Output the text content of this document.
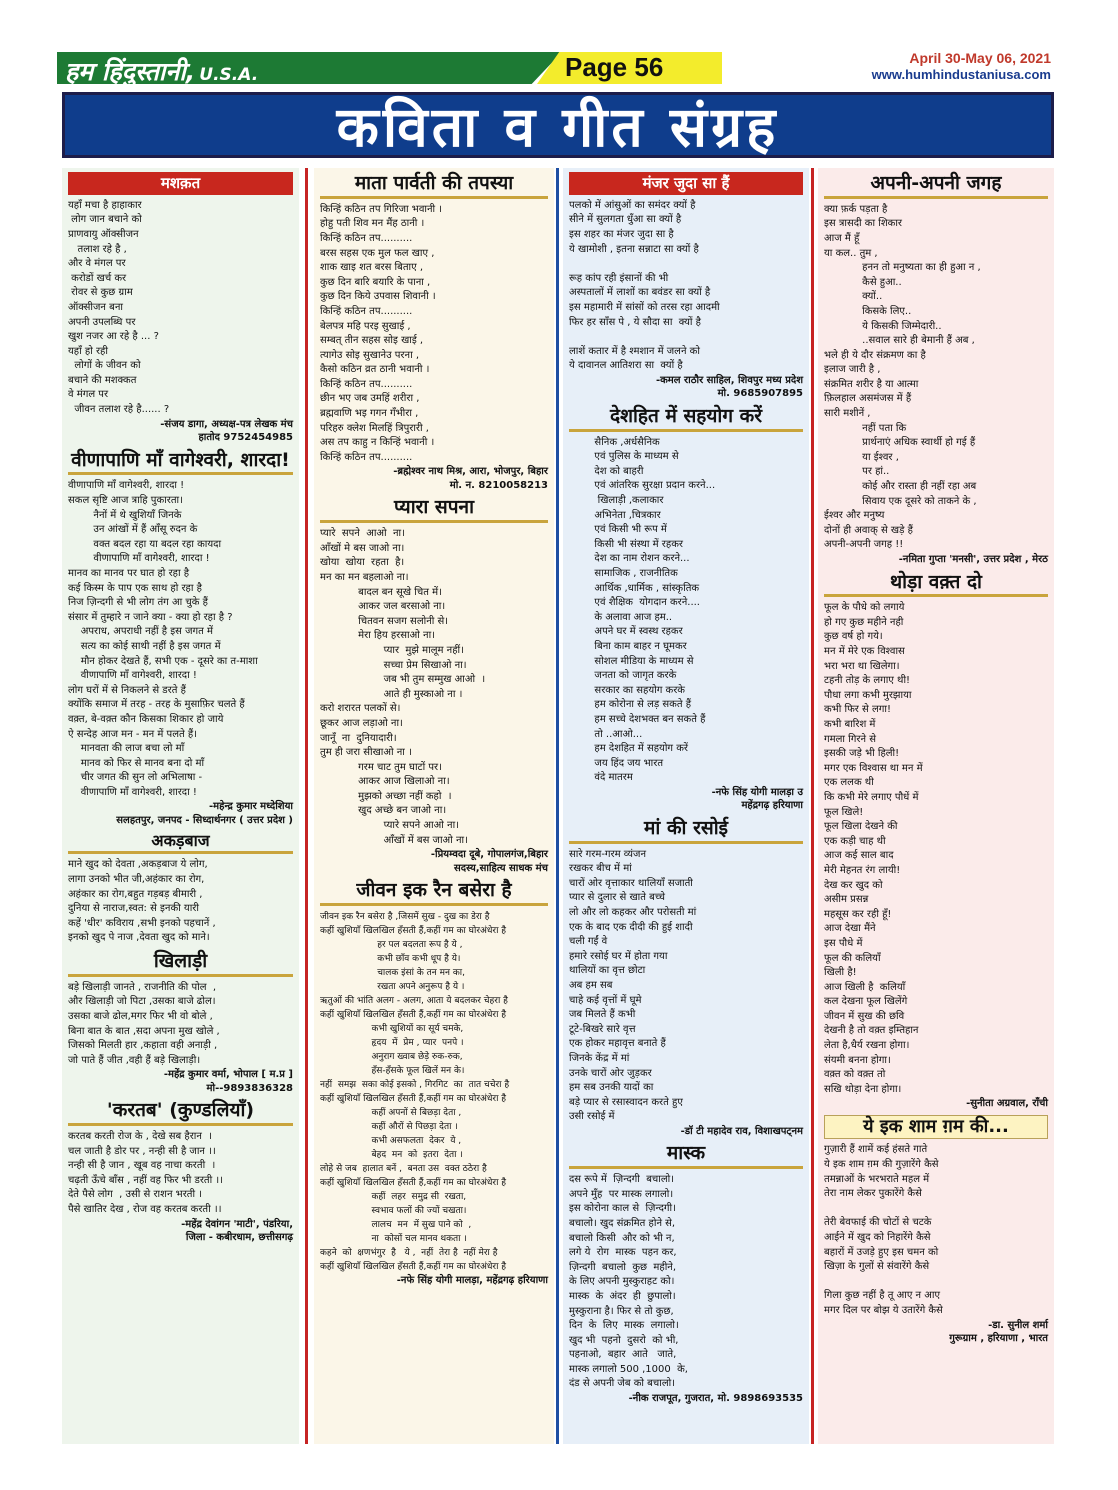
हम हिंदुस्तानी, U.S.A.	Page 56	April 30-May 06, 2021
www.humhindustaniusa.com
कविता व गीत संग्रह
मशक़त
यहाँ मचा है हाहाकार
लोग जान बचाने को
प्राणवायु ऑक्सीजन
तलाश रहे है ,
और वे मंगल पर
करोडों खर्च कर
रोवर से कुछ ग्राम
ऑक्सीजन बना
अपनी उपलब्धि पर
खुश नजर आ रहे है ... ?
यहाँ हो रही
लोगों के जीवन को
बचाने की मशक्कत
वे मंगल पर
जीवन तलाश रहे है...... ?
-संजय डागा, अध्यक्ष-पत्र लेखक मंच
हातोद 9752454985
वीणापाणि माँ वागेश्वरी, शारदा!
वीणापाणि माँ वागेश्वरी, शारदा !
सकल सृष्टि आज त्राहि पुकारता।
नैनों में थे खुशियाँ जिनके
उन आंखों में हैं आँसू रुदन के
वक्त बदल रहा या बदल रहा कायदा
वीणापाणि माँ वागेश्वरी, शारदा !
मानव का मानव पर घात हो रहा है
कई किस्म के पाप एक साथ हो रहा है
निज ज़िन्दगी से भी लोग तंग आ चुके हैं
संसार में तुम्हारे न जाने क्या - क्या हो रहा है ?
अपराध, अपराधी नहीं है इस जगत में
सत्य का कोई साथी नहीं है इस जगत में
मौन होकर देखते हैं, सभी एक - दूसरे का त-माशा
वीणापाणि माँ वागेश्वरी, शारदा !
लोग घरों में से निकलने से डरते हैं
क्योंकि समाज में तरह - तरह के मुसाफ़िर चलते हैं
वक़्त, बे-वक़्त कौन किसका शिकार हो जाये
ऐ सन्देह आज मन - मन में पलते हैं।
मानवता की लाज बचा लो माँ
मानव को फिर से मानव बना दो माँ
चीर जगत की सुन लो अभिलाषा -
वीणापाणि माँ वागेश्वरी, शारदा !
-महेन्द्र कुमार मध्देशिया
सलहतपुर, जनपद - सिध्दार्थनगर ( उत्तर प्रदेश )
अकड़बाज
माने खुद को देवता ,अकड़बाज ये लोग,
लागा उनको भीत जी,अहंकार का रोग,
अहंकार का रोग,बहुत गड़बड़ बीमारी ,
दुनिया से नाराज,स्वत: से इनकी यारी
कहें 'धीर' कविराय ,सभी इनको पहचानें ,
इनको खुद पे नाज ,देवता खुद को माने।
खिलाड़ी
बड़े खिलाड़ी जानते , राजनीति की पोल  ,
और खिलाड़ी जो पिटा ,उसका बाजे ढोल।
उसका बाजे ढोल,मगर फिर भी वो बोले ,
बिना बात के बात ,सदा अपना मुख खोले ,
जिसको मिलती हार ,कहाता वही अनाड़ी ,
जो पाते हैं जीत ,वही हैं बड़े खिलाड़ी।
-महेंद्र कुमार वर्मा, भोपाल [ म.प्र ]
मो--9893836328
'करतब' (कुण्डलियाँ)
करतब करती रोज के , देखे सब हैरान  ।
चल जाती है डोर पर , नन्ही सी है जान ।।
नन्ही सी है जान , खूब वह नाचा करती  ।
चढ़ती ऊँचे बाँस , नहीं वह फिर भी डरती ।।
देते पैसे लोग  , उसी से राशन भरती ।
पैसे खातिर देख , रोज वह करतब करती ।।
-महेंद्र देवांगन 'माटी', पंडरिया,
जिला - कबीरधाम, छत्तीसगढ़
माता पार्वती की तपस्या
किन्हिं कठिन तप गिरिजा भवानी ।
होहु पती शिव मन मैंह ठानी ।
किन्हिं कठिन तप..........
बरस सहस एक मुल फल खाए ,
शाक खाइ शत बरस बिताए ,
कुछ दिन बारि बयारि के पाना ,
कुछ दिन किये उपवास शिवानी ।
किन्हिं कठिन तप..........
बेलपत्र महि परइ सुखाई ,
सम्बत् तीन सहस सोइ खाई ,
त्यागेउ सोइ सुखानेउ परना ,
कैसो कठिन व्रत ठानी भवानी ।
किन्हिं कठिन तप..........
छीन भए जब उमहिं शरीरा ,
ब्रह्मवाणि भइ गगन गँभीरा ,
परिहरु क्लेश मिलहिं त्रिपुरारी ,
अस तप काहु न किन्हिं भवानी ।
किन्हिं कठिन तप..........
-ब्रह्मेश्वर नाथ मिश्र, आरा, भोजपुर, बिहार
मो. न. 8210058213
प्यारा सपना
प्यारे  सपने  आओ  ना।
आँखों मे बस जाओ ना।
खोया  खोया  रहता  है।
मन का मन बहलाओ ना।
बादल बन सूखे चित में।
आकर जल बरसाओ ना।
चितवन सजग सलोनी से।
मेरा हिय हरसाओ ना।
प्यार  मुझे मालूम नहीं।
सच्चा प्रेम सिखाओ ना।
जब भी तुम सम्मुख आओ  ।
आते ही मुस्काओ ना ।
करो शरारत पलकों से।
छूकर आज लड़ाओ ना।
जानूँ  ना  दुनियादारी।
तुम ही जरा सीखाओ ना ।
गरम चाट तुम घाटों पर।
आकर आज खिलाओ ना।
मुझको अच्छा नहीं कहो  ।
खुद अच्छे बन जाओ ना।
प्यारे सपने आओ ना।
आँखों में बस जाओ ना।
-प्रियम्वदा दूबे, गोपालगंज,बिहार
सदस्य,साहित्य साधक मंच
जीवन इक रैन बसेरा है
जीवन इक रैन बसेरा है ,जिसमें सुख - दुख का डेरा है
कहीं खुशियाँ खिलखिल हँसती हैं,कहीं गम का घोरअंधेरा है
हर पल बदलता रूप है ये ,
कभी छाँव कभी धूप है ये।
चालक इंसां के तन मन का,
रखता अपने अनुरूप है ये ।
ऋतुओं की भांति अलग - अलग, आता ये बदलकर चेहरा है
कहीं खुशियाँ खिलखिल हँसती हैं,कहीं गम का घोरअंधेरा है
कभी खुशियों का सूर्य चमके,
हृदय  में  प्रेम , प्यार  पनपे ।
अनुराग ख्वाब छेड़े रुक-रुक,
हँस-हँसके फूल खिलें मन के।
नहीं  समझ  सका कोई इसको , गिरगिट  का  तात चचेरा है
कहीं खुशियाँ खिलखिल हँसती हैं,कहीं गम का घोरअंधेरा है
कहीं अपनों से बिछड़ा देता ,
कहीं औरों से पिछड़ा देता ।
कभी असफलता  देकर  ये ,
बेहद  मन  को  इतरा  देता ।
लोहे से जब  हालात बनें ,  बनता उस  वक्त ठठेरा है
कहीं खुशियाँ खिलखिल हँसती हैं,कहीं गम का घोरअंधेरा है
कहीं  लहर  समुद्र सी  रखता,
स्वभाव फलों की ज्यों चखता।
लालच  मन  में सुख पाने को  ,
ना  कोसों चल मानव थकता ।
कहने  को  क्षणभंगुर  है   ये ,  नहीं  तेरा है  नहीं मेरा है
कहीं खुशियाँ खिलखिल हँसती हैं,कहीं गम का घोरअंधेरा है
-नफे सिंह योगी मालड़ा, महेंद्रगढ़ हरियाणा
मंजर जुदा सा हैं
पलको में आंसुओं का समंदर क्यों है
सीने में सुलगता धुँआ सा क्यों है
इस शहर का मंजर जुदा सा है
ये खामोशी , इतना सन्नाटा सा क्यों है

रूह कांप रही इंसानों की भी
अस्पतालों में लाशों का बवंडर सा क्यों है
इस महामारी में सांसों को तरस रहा आदमी
फिर हर साँस पे , ये सौदा सा  क्यों है

लाशें कतार में है श्मशान में जलने को
ये दावानल आतिशरा सा  क्यों है
-कमल राठौर साहिल, शिवपुर मध्य प्रदेश
मो. 9685907895
देशहित में सहयोग करें
सैनिक ,अर्धसैनिक
एवं पुलिस के माध्यम से
देश को बाहरी
एवं आंतरिक सुरक्षा प्रदान करने...
खिलाड़ी ,कलाकार
अभिनेता ,चित्रकार
एवं किसी भी रूप में
किसी भी संस्था में रहकर
देश का नाम रोशन करने...
सामाजिक , राजनीतिक
आर्थिक ,धार्मिक , सांस्कृतिक
एवं शैक्षिक  योगदान करने....
के अलावा आज हम..
अपने घर में स्वस्थ रहकर
बिना काम बाहर न घूमकर
सोशल मीडिया के माध्यम से
जनता को जागृत करके
सरकार का सहयोग करके
हम कोरोना से लड़ सकते हैं
हम सच्चे देशभक्त बन सकते हैं
तो ..आओ...
हम देशहित में सहयोग करें
जय हिंद जय भारत
वंदे मातरम
-नफे सिंह योगी मालड़ा उ
महेंद्रगढ़ हरियाणा
मां की रसोई
सारे गरम-गरम व्यंजन
रखकर बीच में मां
चारों ओर वृत्ताकार थालियाँ सजाती
प्यार से दुलार से खाते बच्चे
लो और लो कहकर और परोसती मां
एक के बाद एक दीदी की हुई शादी
चली गईं वे
हमारे रसोई घर में होता गया
थालियों का वृत्त छोटा
अब हम सब
चाहे कई वृत्तों में घूमे
जब मिलते हैं कभी
टूटे-बिखरे सारे वृत्त
एक होकर महावृत्त बनाते हैं
जिनके केंद्र में मां
उनके चारों ओर जुड़कर
हम सब उनकी यादों का
बड़े प्यार से रसास्वादन करते हुए
उसी रसोई में
-डॉ टी महादेव राव, विशाखपट्नम
मास्क
दस रूपे में  ज़िन्दगी  बचालो।
अपने मुँह  पर मास्क लगालो।
इस कोरोना काल से  ज़िन्दगी।
बचालो। खुद संक्रमित होने से,
बचालो किसी  और को भी न,
लगे ये  रोग  मास्क  पहन कर,
ज़िन्दगी  बचालो  कुछ  महीने,
के लिए अपनी मुस्कुराहट को।
मास्क  के  अंदर  ही  छुपालो।
मुस्कुराना है। फिर से तो कुछ,
दिन  के  लिए  मास्क  लगालो।
खुद भी  पहनो  दुसरो  को भी,
पहनाओ,  बहार  आते   जाते,
मास्क लगालो 500 ,1000  के,
दंड से अपनी जेब को बचालो।
-नीक राजपूत, गुजरात, मो. 9898693535
अपनी-अपनी जगह
क्या फ़र्क पड़ता है
इस त्रासदी का शिकार
आज मैं हूँ
या कल.. तुम ,
हनन तो मनुष्यता का ही हुआ न ,
कैसे हुआ..
क्यों..
किसके लिए..
ये किसकी जिम्मेदारी..
..सवाल सारे ही बेमानी हैं अब ,
भले ही ये दौर संक्रमण का है
इलाज जारी है ,
संक्रमित शरीर है या आत्मा
फ़िलहाल असमंजस में हैं
सारी मशीनें ,
नहीं पता कि
प्रार्थनाएं अधिक स्वार्थी हो गई हैं
या ईश्वर ,
पर हां..
कोई और रास्ता ही नहीं रहा अब
सिवाय एक दूसरे को ताकने के ,
ईश्वर और मनुष्य
दोनों ही अवाक् से खड़े हैं
अपनी-अपनी जगह !!
-नमिता गुप्ता 'मनसी', उत्तर प्रदेश , मेरठ
थोड़ा वक़्त दो
फूल के पौधे को लगाये
हो गए कुछ महीने नही
कुछ वर्ष हो गये।
मन में मेरे एक विश्वास
भरा भरा था खिलेगा।
टहनी तोड़ के लगाए थी!
पौधा लगा कभी मुरझाया
कभी फिर से लगा!
कभी बारिश में
गमला गिरने से
इसकी जड़े भी हिली!
मगर एक विश्वास था मन में
एक ललक थी
कि कभी मेरे लगाए पौधें में
फूल खिले!
फूल खिला देखने की
एक कड़ी चाह थी
आज कई साल बाद
मेरी मेहनत रंग लायी!
देख कर खुद को
असीम प्रसन्न
महसूस कर रही हूँ!
आज देखा मैंने
इस पौधे में
फूल की कलियाँ
खिली है!
आज खिली है  कलियाँ
कल देखना फूल खिलेंगे
जीवन में सुख की छवि
देखनी है तो वक़्त इम्तिहान
लेता है,धैर्य रखना होगा।
संयमी बनना होगा।
वक़्त को वक़्त तो
सखि थोड़ा देना होगा।
-सुनीता अग्रवाल, राँची
ये इक शाम ग़म की...
गुज़ारी हैं शामें कई हंसते गाते
ये इक शाम ग़म की गुज़ारेंगे कैसे
तमन्नाओं के भरभराते महल में
तेरा नाम लेकर पुकारेंगे कैसे

तेरी बेवफाई की चोटों से चटके
आईने में खुद को निहारेंगे कैसे
बहारों में उजड़े हुए इस चमन को
खिज़ा के गुलों से संवारेंगे कैसे

गिला कुछ नहीं है तू आए न आए
मगर दिल पर बोझ ये उतारेंगे कैसे
-डा. सुनील शर्मा
गुरूग्राम , हरियाणा , भारत
